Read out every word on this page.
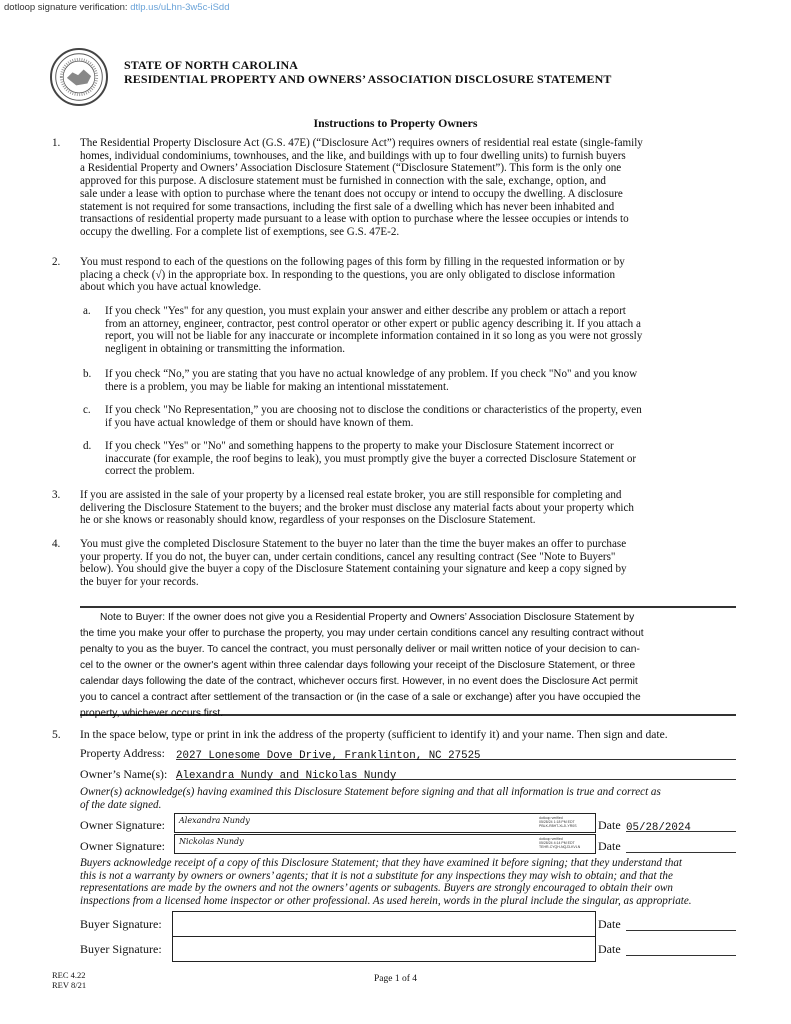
dotloop signature verification: dtlp.us/uLhn-3w5c-iSdd
STATE OF NORTH CAROLINA
RESIDENTIAL PROPERTY AND OWNERS’ ASSOCIATION DISCLOSURE STATEMENT
Instructions to Property Owners
1. The Residential Property Disclosure Act (G.S. 47E) (“Disclosure Act”) requires owners of residential real estate (single-family
homes, individual condominiums, townhouses, and the like, and buildings with up to four dwelling units) to furnish buyers
a Residential Property and Owners’ Association Disclosure Statement (“Disclosure Statement”). This form is the only one
approved for this purpose. A disclosure statement must be furnished in connection with the sale, exchange, option, and
sale under a lease with option to purchase where the tenant does not occupy or intend to occupy the dwelling. A disclosure
statement is not required for some transactions, including the first sale of a dwelling which has never been inhabited and
transactions of residential property made pursuant to a lease with option to purchase where the lessee occupies or intends to
occupy the dwelling. For a complete list of exemptions, see G.S. 47E-2.
2. You must respond to each of the questions on the following pages of this form by filling in the requested information or by
placing a check (√) in the appropriate box. In responding to the questions, you are only obligated to disclose information
about which you have actual knowledge.
a. If you check "Yes" for any question, you must explain your answer and either describe any problem or attach a report
from an attorney, engineer, contractor, pest control operator or other expert or public agency describing it. If you attach a
report, you will not be liable for any inaccurate or incomplete information contained in it so long as you were not grossly
negligent in obtaining or transmitting the information.
b. If you check “No,” you are stating that you have no actual knowledge of any problem. If you check "No" and you know
there is a problem, you may be liable for making an intentional misstatement.
c. If you check "No Representation,” you are choosing not to disclose the conditions or characteristics of the property, even
if you have actual knowledge of them or should have known of them.
d. If you check "Yes" or "No" and something happens to the property to make your Disclosure Statement incorrect or
inaccurate (for example, the roof begins to leak), you must promptly give the buyer a corrected Disclosure Statement or
correct the problem.
3. If you are assisted in the sale of your property by a licensed real estate broker, you are still responsible for completing and
delivering the Disclosure Statement to the buyers; and the broker must disclose any material facts about your property which
he or she knows or reasonably should know, regardless of your responses on the Disclosure Statement.
4. You must give the completed Disclosure Statement to the buyer no later than the time the buyer makes an offer to purchase
your property. If you do not, the buyer can, under certain conditions, cancel any resulting contract (See "Note to Buyers"
below). You should give the buyer a copy of the Disclosure Statement containing your signature and keep a copy signed by
the buyer for your records.
Note to Buyer: If the owner does not give you a Residential Property and Owners’ Association Disclosure Statement by
the time you make your offer to purchase the property, you may under certain conditions cancel any resulting contract without
penalty to you as the buyer. To cancel the contract, you must personally deliver or mail written notice of your decision to can-
cel to the owner or the owner's agent within three calendar days following your receipt of the Disclosure Statement, or three
calendar days following the date of the contract, whichever occurs first. However, in no event does the Disclosure Act permit
you to cancel a contract after settlement of the transaction or (in the case of a sale or exchange) after you have occupied the
property, whichever occurs first.
5. In the space below, type or print in ink the address of the property (sufficient to identify it) and your name. Then sign and date.
Property Address: 2027 Lonesome Dove Drive, Franklinton, NC 27525
Owner’s Name(s): Alexandra Nundy and Nickolas Nundy
Owner(s) acknowledge(s) having examined this Disclosure Statement before signing and that all information is true and correct as
of the date signed.
Owner Signature: Alexandra Nundy	dotloop verified
05/28/24 1:18 PM EDT
PBLK-R8HT-XLJI-YR0S	Date 05/28/2024
Owner Signature: Nickolas Nundy	dotloop verified
05/28/24 4:14 PM EDT
TEHR-CYQH-NQJ3-KVLN	Date
Buyers acknowledge receipt of a copy of this Disclosure Statement; that they have examined it before signing; that they understand that
this is not a warranty by owners or owners’ agents; that it is not a substitute for any inspections they may wish to obtain; and that the
representations are made by the owners and not the owners’ agents or subagents. Buyers are strongly encouraged to obtain their own
inspections from a licensed home inspector or other professional. As used herein, words in the plural include the singular, as appropriate.
Buyer Signature:	Date
Buyer Signature:	Date
REC 4.22
REV 8/21
Page 1 of 4
